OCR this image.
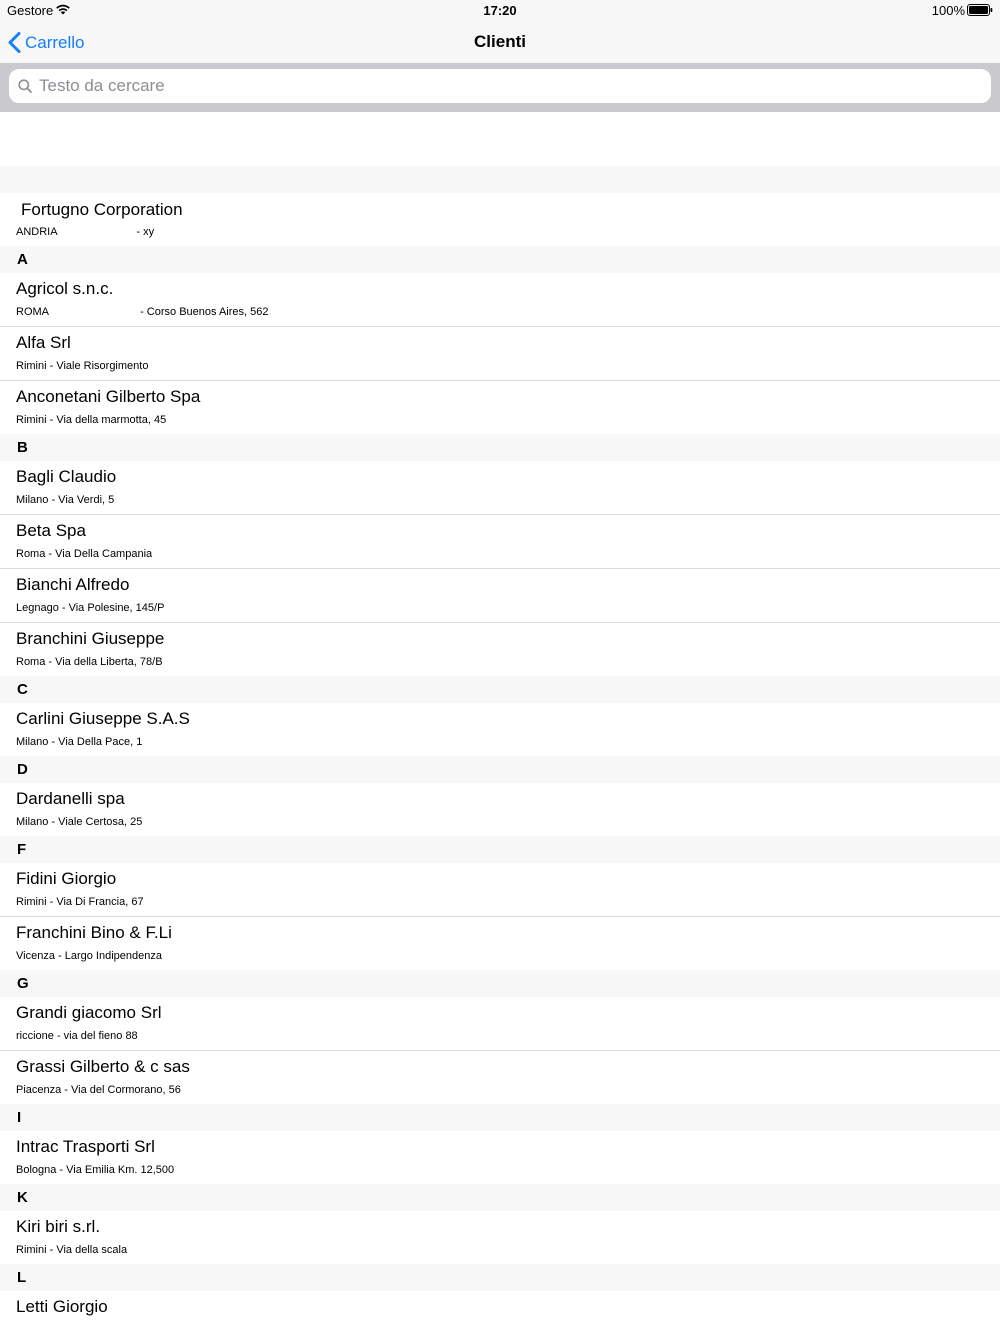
Gestore	17:20	100%
Carrello	Clienti
Testo da cercare
Fortugno Corporation
ANDRIA                          - xy
A
Agricol s.n.c.
ROMA                              - Corso Buenos Aires, 562
Alfa Srl
Rimini - Viale Risorgimento
Anconetani Gilberto Spa
Rimini - Via della marmotta, 45
B
Bagli Claudio
Milano - Via Verdi, 5
Beta Spa
Roma - Via Della Campania
Bianchi Alfredo
Legnago - Via Polesine, 145/P
Branchini Giuseppe
Roma - Via della Liberta, 78/B
C
Carlini Giuseppe S.A.S
Milano - Via Della Pace, 1
D
Dardanelli spa
Milano - Viale Certosa, 25
F
Fidini Giorgio
Rimini - Via Di Francia, 67
Franchini Bino & F.Li
Vicenza - Largo Indipendenza
G
Grandi giacomo Srl
riccione - via del fieno 88
Grassi Gilberto & c sas
Piacenza - Via del Cormorano, 56
I
Intrac Trasporti Srl
Bologna - Via Emilia Km. 12,500
K
Kiri biri s.rl.
Rimini - Via della scala
L
Letti Giorgio
